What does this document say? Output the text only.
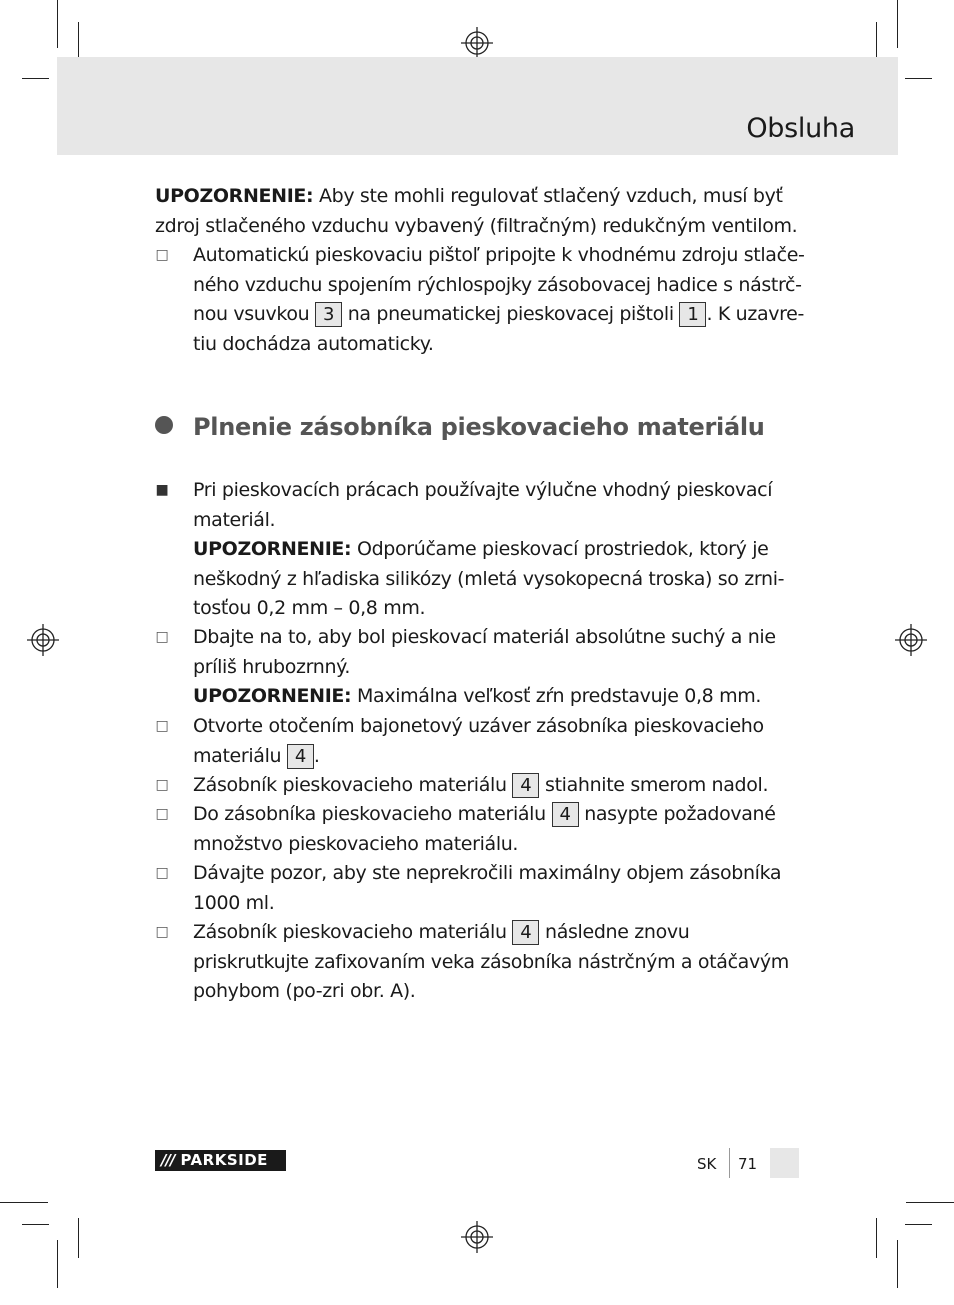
Obsluha

UPOZORNENIE: Aby ste mohli regulovať stlačený vzduch, musí byť zdroj stlačeného vzduchu vybavený (filtračným) redukčným ventilom.

□ Automatickú pieskovaciu pištoľ pripojte k vhodnému zdroju stlače-ného vzduchu spojením rýchlospojky zásobovacej hadice s nástrč-nou vsuvkou 3 na pneumatickej pieskovacej pištoli 1 . K uzavre-tiu dochádza automaticky.
Plnenie zásobníka pieskovacieho materiálu
■ Pri pieskovacích prácach používajte výlučne vhodný pieskovací materiál.
UPOZORNENIE: Odporúčame pieskovací prostriedok, ktorý je neškodný z hľadiska silikózy (mletá vysokopecná troska) so zrni-tosťou 0,2 mm – 0,8 mm.
□ Dbajte na to, aby bol pieskovací materiál absolútne suchý a nie príliš hrubozrnný.
UPOZORNENIE: Maximálna veľkosť zŕn predstavuje 0,8 mm.
□ Otvorte otočením bajonetový uzáver zásobníka pieskovacieho materiálu 4 .
□ Zásobník pieskovacieho materiálu 4 stiahnite smerom nadol.
□ Do zásobníka pieskovacieho materiálu 4 nasypte požadované množstvo pieskovacieho materiálu.
□ Dávajte pozor, aby ste neprekročili maximálny objem zásobníka 1000 ml.
□ Zásobník pieskovacieho materiálu 4 následne znovu priskrutkujte zafixovaním veka zásobníka nástrčným a otáčavým pohybom (po-zri obr. A).
/// PARKSIDE	SK 71
